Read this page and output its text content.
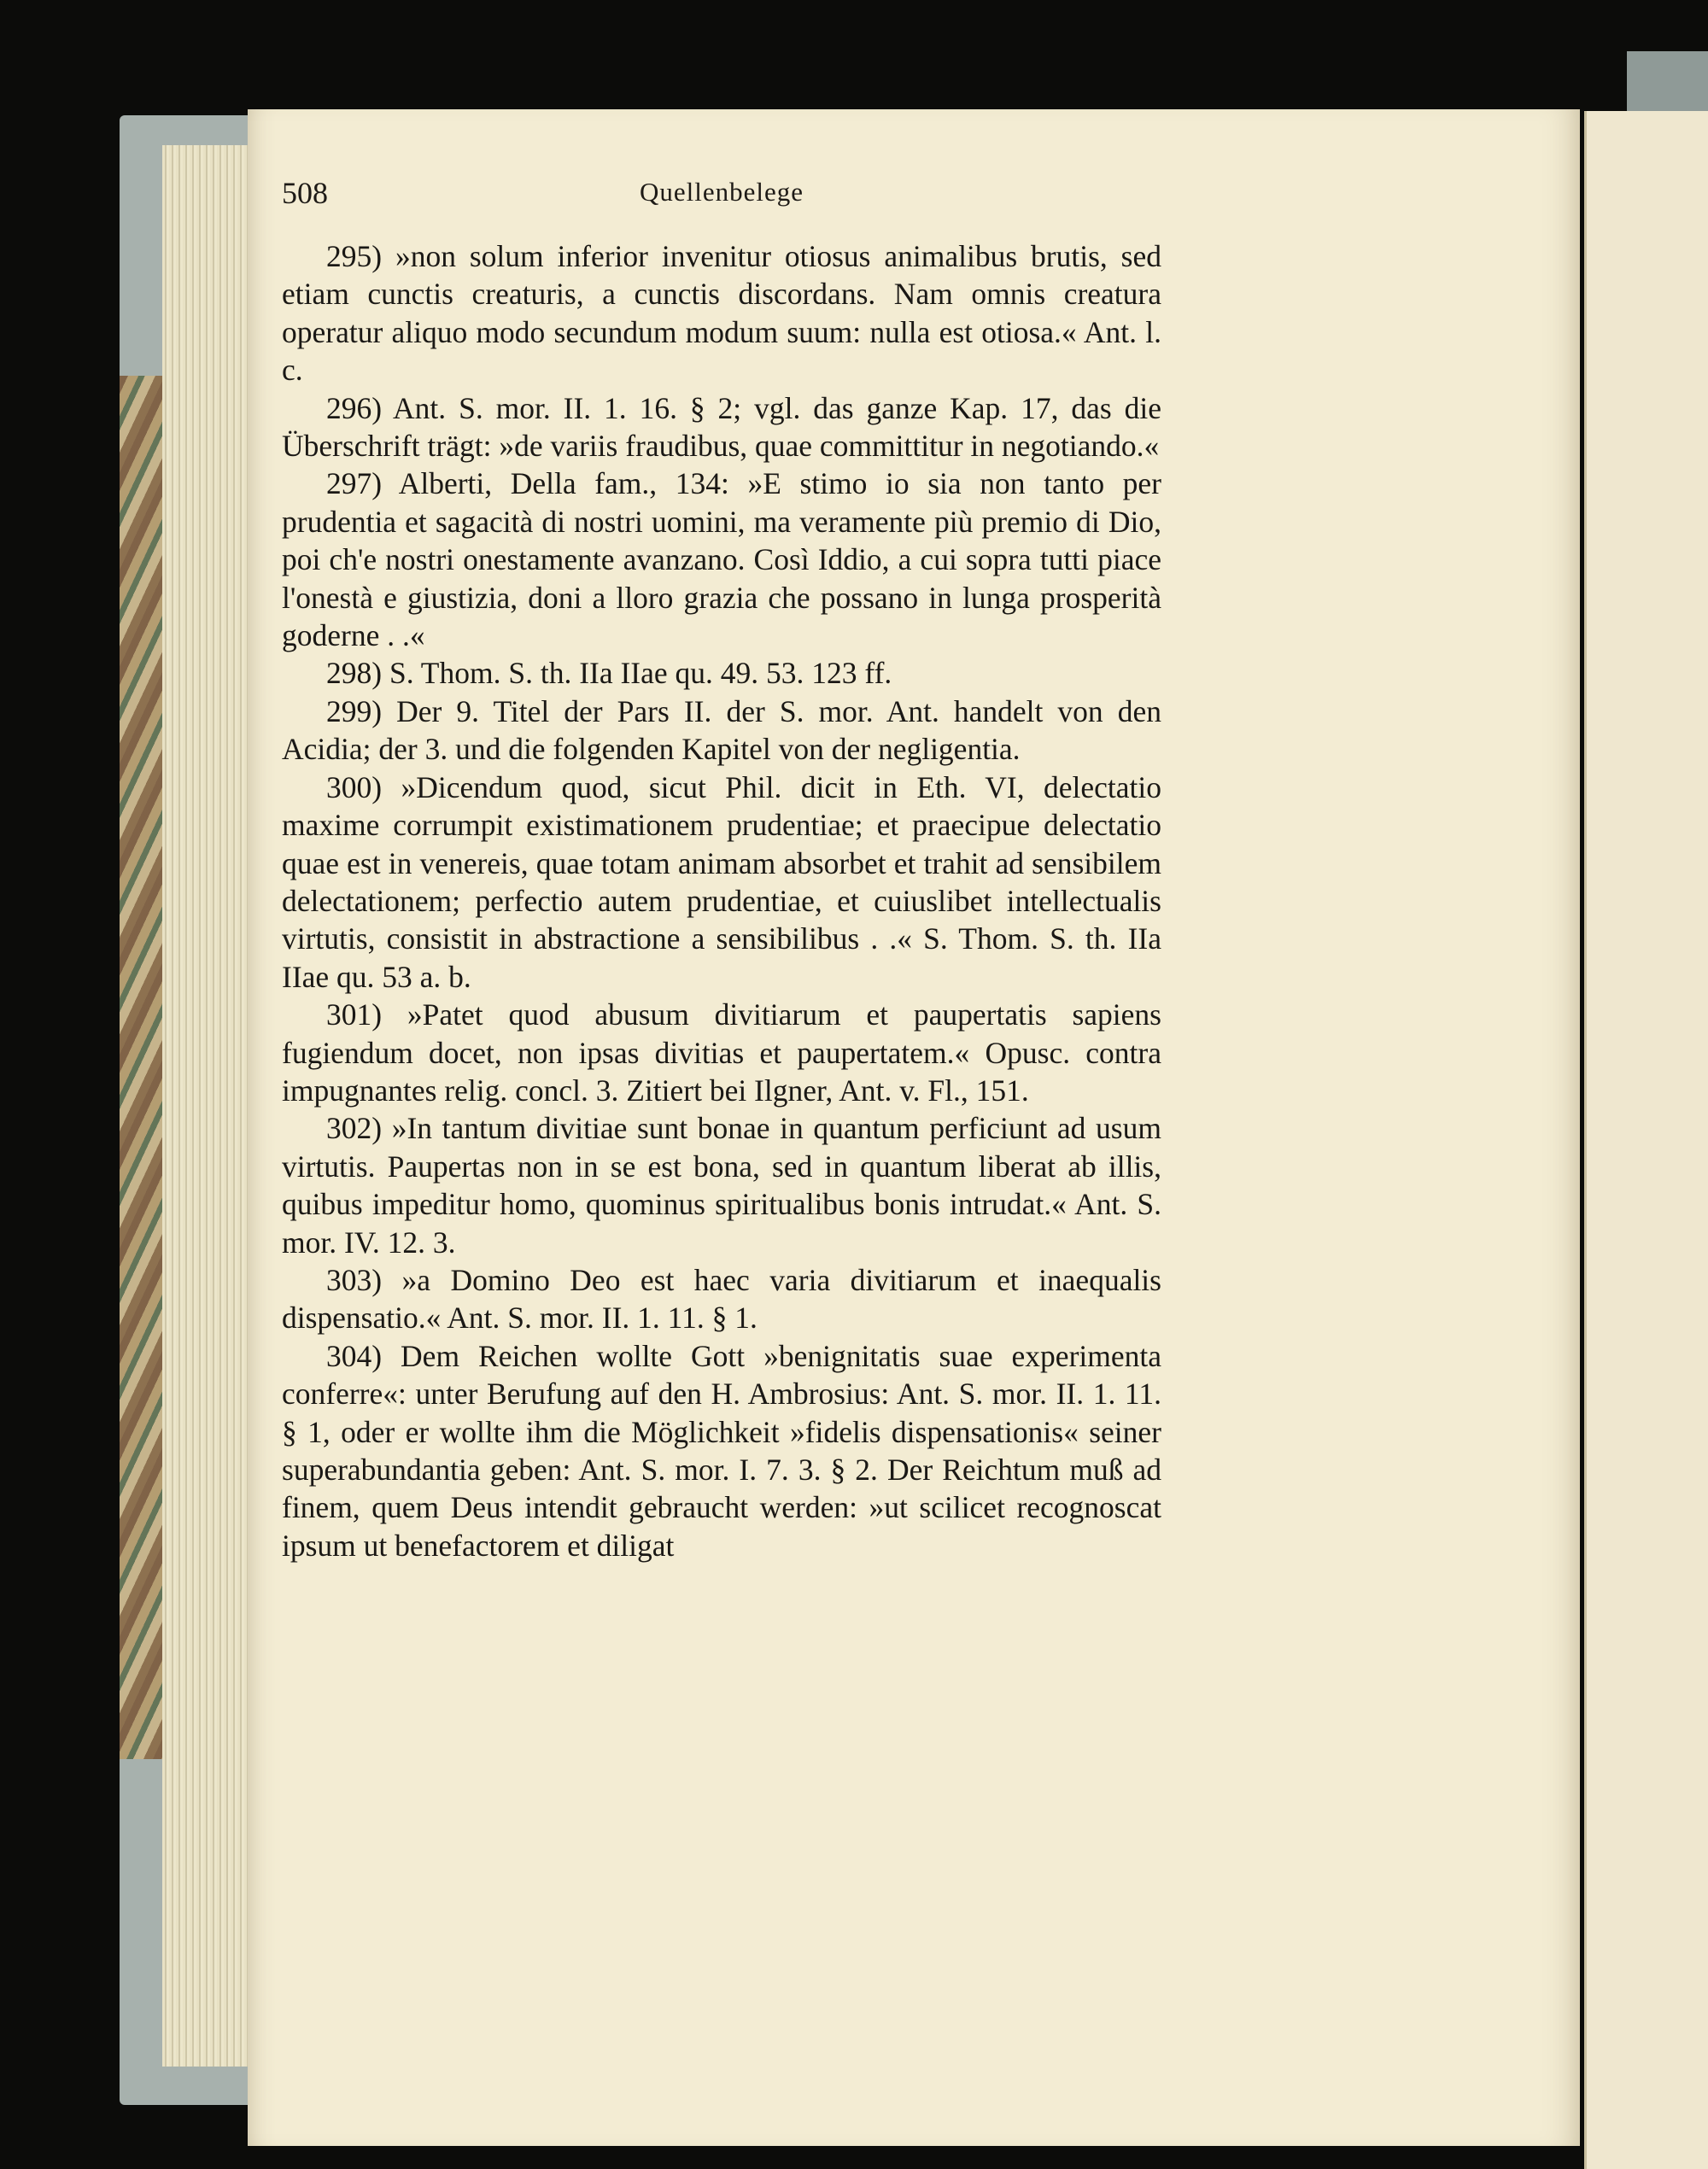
508	Quellenbelege

295) »non solum inferior invenitur otiosus animalibus brutis, sed etiam cunctis creaturis, a cunctis discordans. Nam omnis creatura operatur aliquo modo secundum modum suum: nulla est otiosa.« Ant. l. c.

296) Ant. S. mor. II. 1. 16. § 2; vgl. das ganze Kap. 17, das die Überschrift trägt: »de variis fraudibus, quae committitur in negotiando.«

297) Alberti, Della fam., 134: »E stimo io sia non tanto per prudentia et sagacità di nostri uomini, ma veramente più premio di Dio, poi ch'e nostri onestamente avanzano. Così Iddio, a cui sopra tutti piace l'onestà e giustizia, doni a lloro grazia che possano in lunga prosperità goderne . .«

298) S. Thom. S. th. IIa IIae qu. 49. 53. 123 ff.

299) Der 9. Titel der Pars II. der S. mor. Ant. handelt von den Acidia; der 3. und die folgenden Kapitel von der negligentia.

300) »Dicendum quod, sicut Phil. dicit in Eth. VI, delectatio maxime corrumpit existimationem prudentiae; et praecipue delectatio quae est in venereis, quae totam animam absorbet et trahit ad sensibilem delectationem; perfectio autem prudentiae, et cuiuslibet intellectualis virtutis, consistit in abstractione a sensibilibus . .« S. Thom. S. th. IIa IIae qu. 53 a. b.

301) »Patet quod abusum divitiarum et paupertatis sapiens fugiendum docet, non ipsas divitias et paupertatem.« Opusc. contra impugnantes relig. concl. 3. Zitiert bei Ilgner, Ant. v. Fl., 151.

302) »In tantum divitiae sunt bonae in quantum perficiunt ad usum virtutis. Paupertas non in se est bona, sed in quantum liberat ab illis, quibus impeditur homo, quominus spiritualibus bonis intrudat.« Ant. S. mor. IV. 12. 3.

303) »a Domino Deo est haec varia divitiarum et inaequalis dispensatio.« Ant. S. mor. II. 1. 11. § 1.

304) Dem Reichen wollte Gott »benignitatis suae experimenta conferre«: unter Berufung auf den H. Ambrosius: Ant. S. mor. II. 1. 11. § 1, oder er wollte ihm die Möglichkeit »fidelis dispensationis« seiner superabundantia geben: Ant. S. mor. I. 7. 3. § 2. Der Reichtum muß ad finem, quem Deus intendit gebraucht werden: »ut scilicet recognoscat ipsum ut benefactorem et diligat
